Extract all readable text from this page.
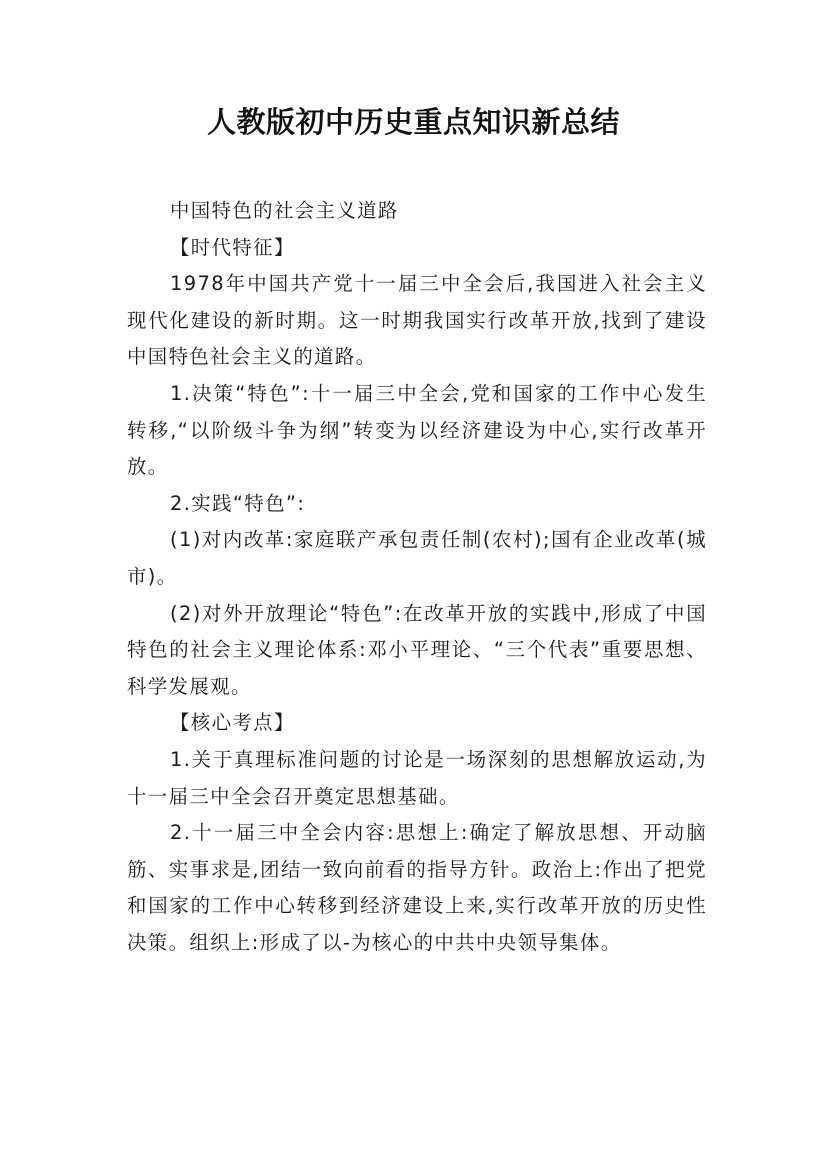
人教版初中历史重点知识新总结

中国特色的社会主义道路

【时代特征】

1978年中国共产党十一届三中全会后,我国进入社会主义现代化建设的新时期。这一时期我国实行改革开放,找到了建设中国特色社会主义的道路。

1.决策“特色”:十一届三中全会,党和国家的工作中心发生转移,“以阶级斗争为纲”转变为以经济建设为中心,实行改革开放。

2.实践“特色”:

(1)对内改革:家庭联产承包责任制(农村);国有企业改革(城市)。

(2)对外开放理论“特色”:在改革开放的实践中,形成了中国特色的社会主义理论体系:邓小平理论、“三个代表”重要思想、科学发展观。

【核心考点】

1.关于真理标准问题的讨论是一场深刻的思想解放运动,为十一届三中全会召开奠定思想基础。

2.十一届三中全会内容:思想上:确定了解放思想、开动脑筋、实事求是,团结一致向前看的指导方针。政治上:作出了把党和国家的工作中心转移到经济建设上来,实行改革开放的历史性决策。组织上:形成了以-为核心的中共中央领导集体。
